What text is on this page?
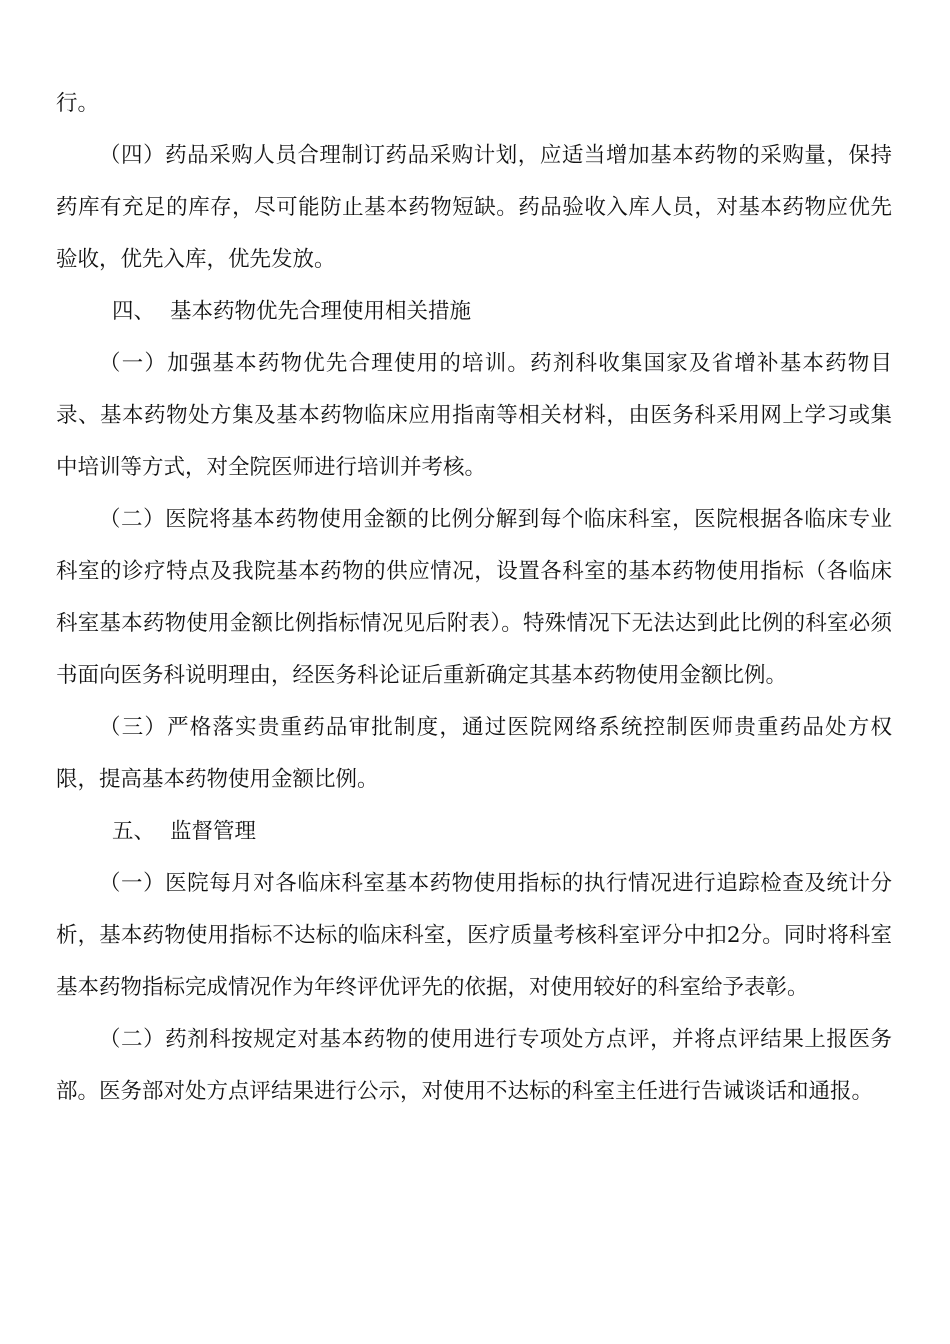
行。

（四）药品采购人员合理制订药品采购计划，应适当增加基本药物的采购量，保持药库有充足的库存，尽可能防止基本药物短缺。药品验收入库人员，对基本药物应优先验收，优先入库，优先发放。

四、 基本药物优先合理使用相关措施

（一）加强基本药物优先合理使用的培训。药剂科收集国家及省增补基本药物目录、基本药物处方集及基本药物临床应用指南等相关材料，由医务科采用网上学习或集中培训等方式，对全院医师进行培训并考核。

（二）医院将基本药物使用金额的比例分解到每个临床科室，医院根据各临床专业科室的诊疗特点及我院基本药物的供应情况，设置各科室的基本药物使用指标（各临床科室基本药物使用金额比例指标情况见后附表）。特殊情况下无法达到此比例的科室必须书面向医务科说明理由，经医务科论证后重新确定其基本药物使用金额比例。

（三）严格落实贵重药品审批制度，通过医院网络系统控制医师贵重药品处方权限，提高基本药物使用金额比例。

五、 监督管理

（一）医院每月对各临床科室基本药物使用指标的执行情况进行追踪检查及统计分析，基本药物使用指标不达标的临床科室，医疗质量考核科室评分中扣2分。同时将科室基本药物指标完成情况作为年终评优评先的依据，对使用较好的科室给予表彰。

（二）药剂科按规定对基本药物的使用进行专项处方点评，并将点评结果上报医务部。医务部对处方点评结果进行公示，对使用不达标的科室主任进行告诫谈话和通报。
